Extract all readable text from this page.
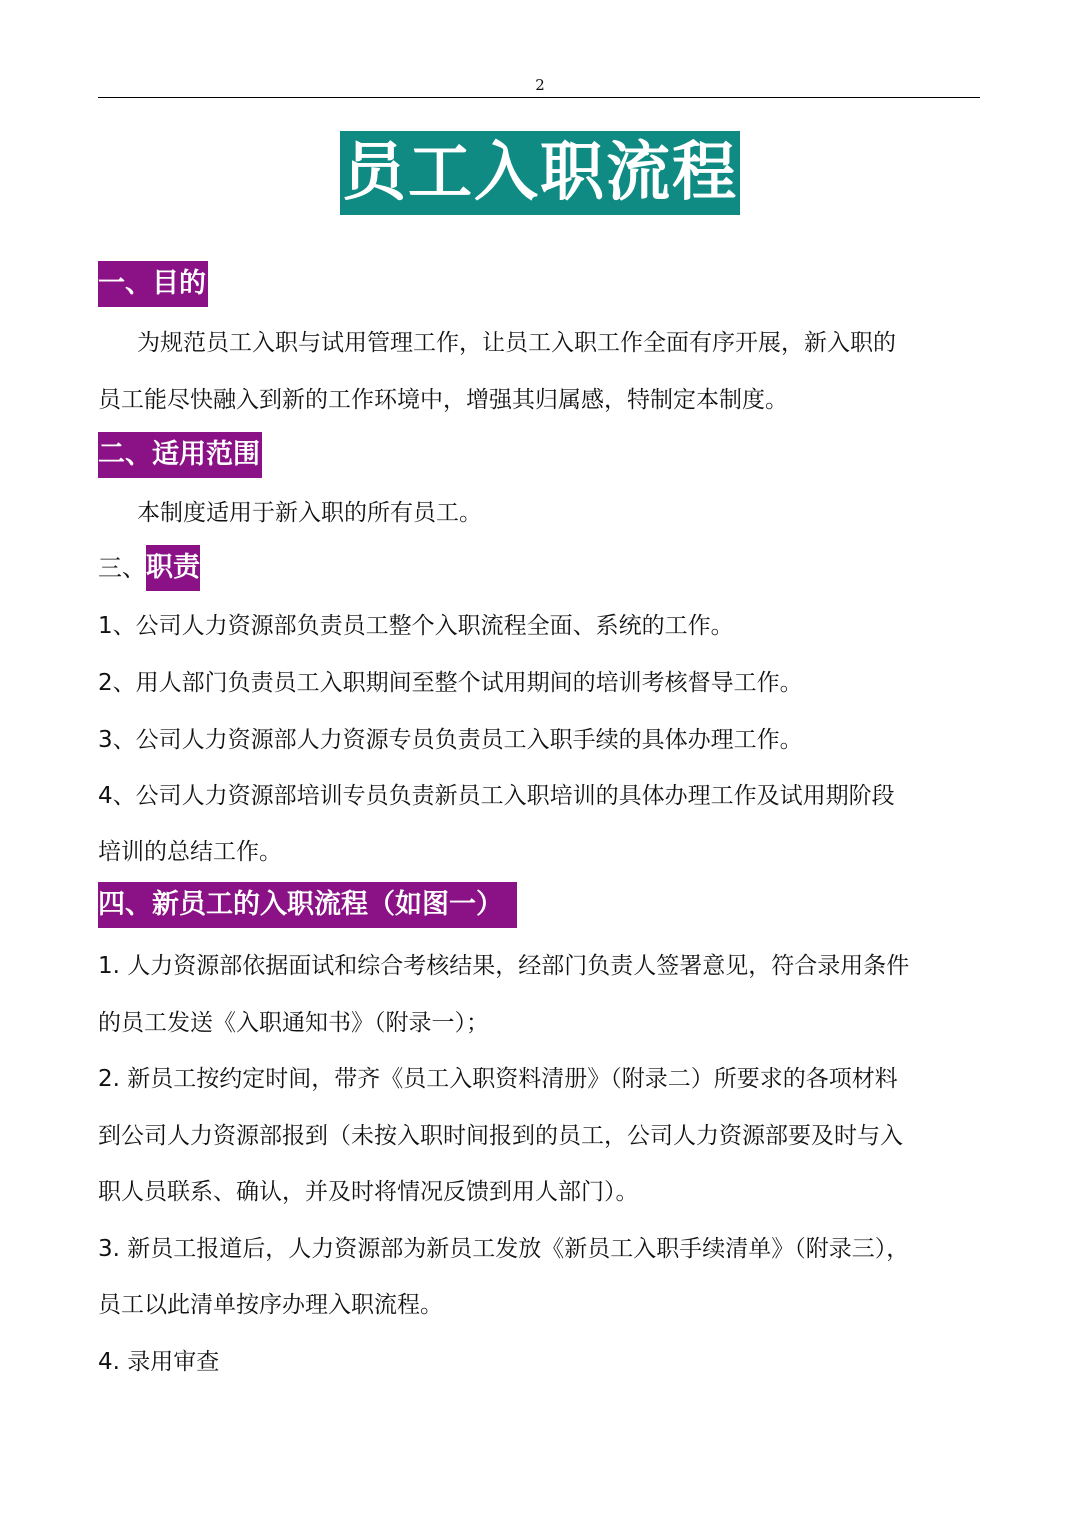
2
员工入职流程
一、目的
为规范员工入职与试用管理工作，让员工入职工作全面有序开展，新入职的
员工能尽快融入到新的工作环境中，增强其归属感，特制定本制度。
二、适用范围
本制度适用于新入职的所有员工。
三、职责
1、公司人力资源部负责员工整个入职流程全面、系统的工作。
2、用人部门负责员工入职期间至整个试用期间的培训考核督导工作。
3、公司人力资源部人力资源专员负责员工入职手续的具体办理工作。
4、公司人力资源部培训专员负责新员工入职培训的具体办理工作及试用期阶段
培训的总结工作。
四、新员工的入职流程（如图一）
1. 人力资源部依据面试和综合考核结果，经部门负责人签署意见，符合录用条件
的员工发送《入职通知书》（附录一）；
2. 新员工按约定时间，带齐《员工入职资料清册》（附录二）所要求的各项材料
到公司人力资源部报到（未按入职时间报到的员工，公司人力资源部要及时与入
职人员联系、确认，并及时将情况反馈到用人部门）。
3. 新员工报道后，人力资源部为新员工发放《新员工入职手续清单》（附录三），
员工以此清单按序办理入职流程。
4. 录用审查
